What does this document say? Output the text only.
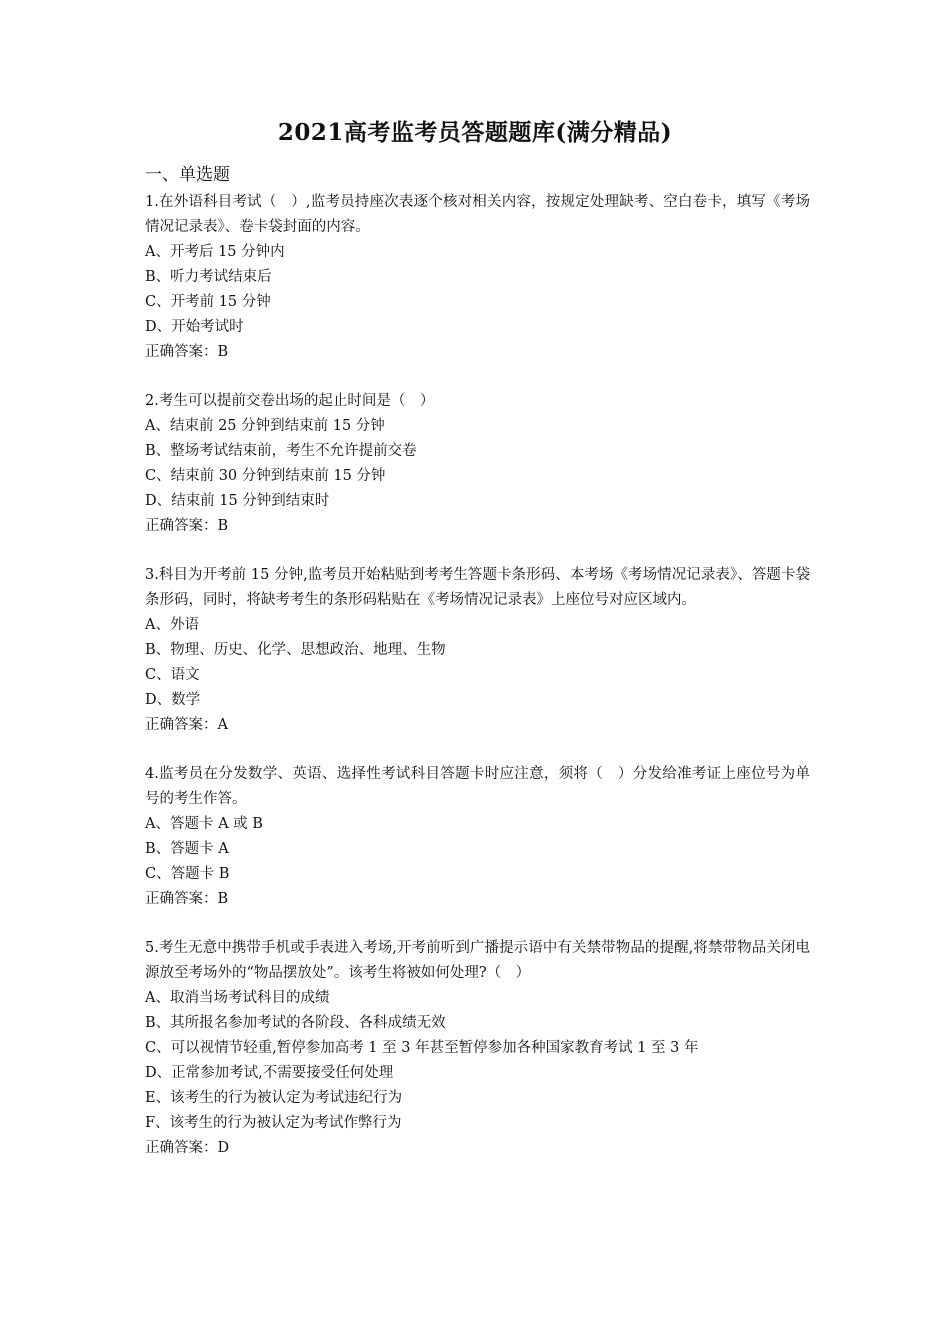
2021高考监考员答题题库(满分精品)
一、单选题

1.在外语科目考试（　）,监考员持座次表逐个核对相关内容，按规定处理缺考、空白卷卡，填写《考场情况记录表》、卷卡袋封面的内容。

A、开考后 15 分钟内

B、听力考试结束后

C、开考前 15 分钟

D、开始考试时

正确答案：B

2.考生可以提前交卷出场的起止时间是（　）

A、结束前 25 分钟到结束前 15 分钟

B、整场考试结束前，考生不允许提前交卷

C、结束前 30 分钟到结束前 15 分钟

D、结束前 15 分钟到结束时

正确答案：B

3.科目为开考前 15 分钟,监考员开始粘贴到考考生答题卡条形码、本考场《考场情况记录表》、答题卡袋条形码，同时，将缺考考生的条形码粘贴在《考场情况记录表》上座位号对应区域内。

A、外语

B、物理、历史、化学、思想政治、地理、生物

C、语文

D、数学

正确答案：A

4.监考员在分发数学、英语、选择性考试科目答题卡时应注意，须将（　）分发给准考证上座位号为单号的考生作答。

A、答题卡 A 或 B

B、答题卡 A

C、答题卡 B

正确答案：B

5.考生无意中携带手机或手表进入考场,开考前听到广播提示语中有关禁带物品的提醒,将禁带物品关闭电源放至考场外的“物品摆放处”。该考生将被如何处理?（　）

A、取消当场考试科目的成绩

B、其所报名参加考试的各阶段、各科成绩无效

C、可以视情节轻重,暂停参加高考 1 至 3 年甚至暂停参加各种国家教育考试 1 至 3 年

D、正常参加考试,不需要接受任何处理

E、该考生的行为被认定为考试违纪行为

F、该考生的行为被认定为考试作弊行为

正确答案：D
